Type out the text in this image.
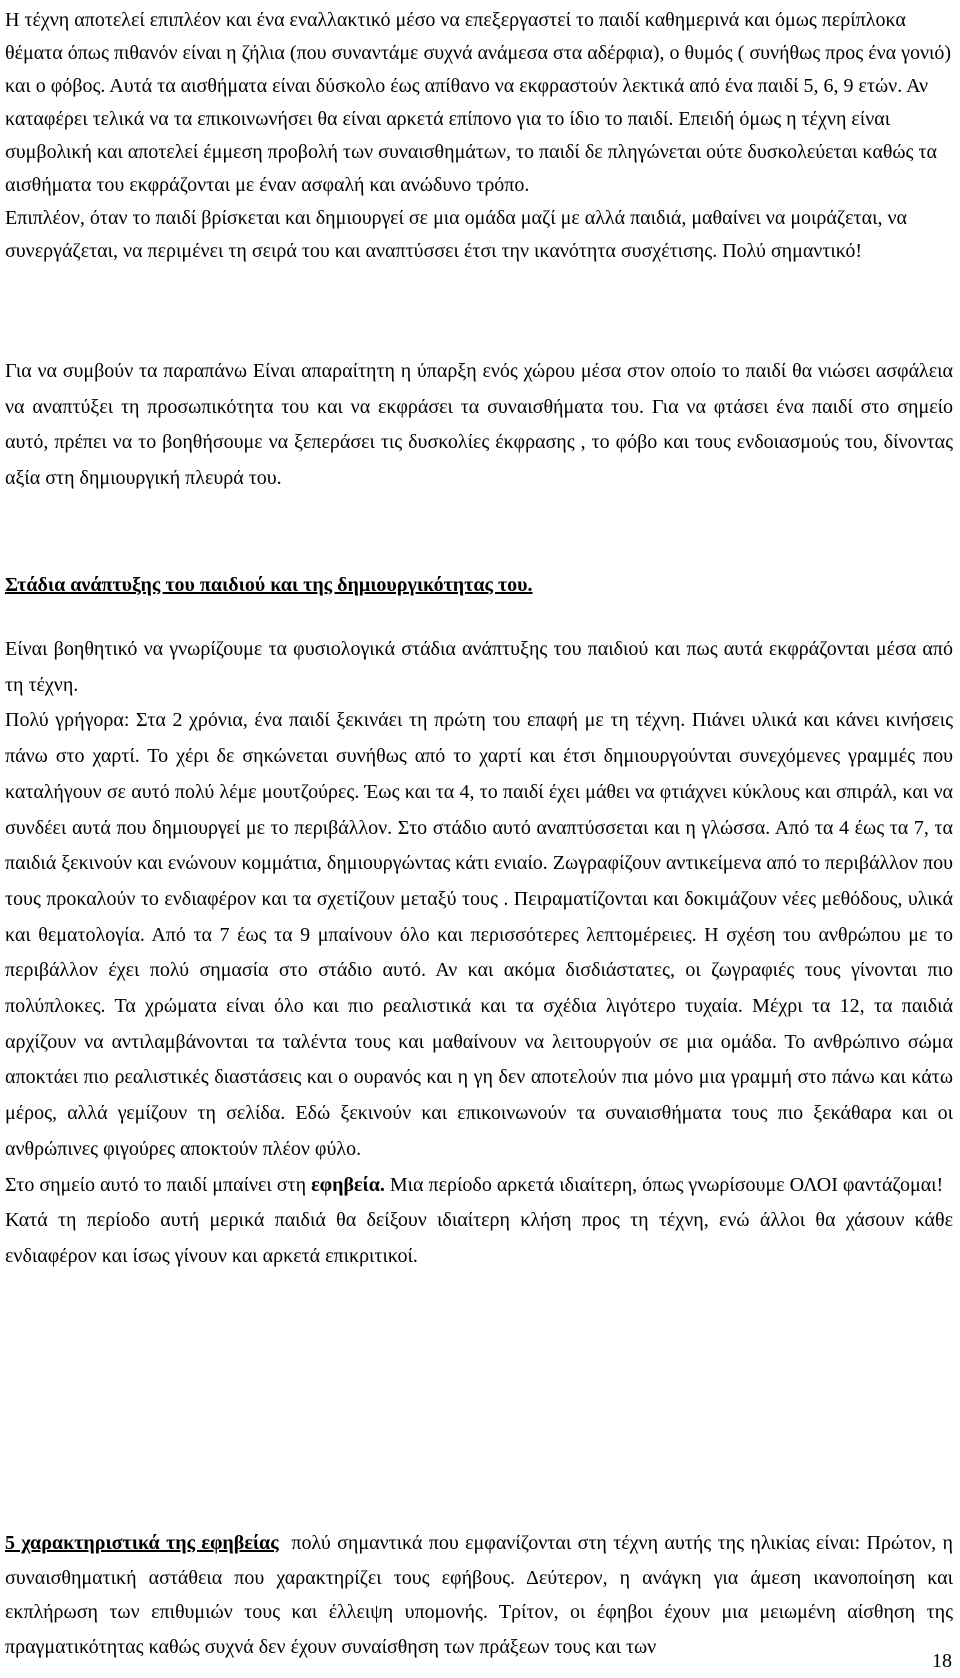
Η τέχνη αποτελεί επιπλέον και ένα εναλλακτικό μέσο να επεξεργαστεί το παιδί καθημερινά και όμως περίπλοκα θέματα όπως πιθανόν είναι η ζήλια (που συναντάμε συχνά ανάμεσα στα αδέρφια), ο θυμός ( συνήθως προς ένα γονιό) και ο φόβος. Αυτά τα αισθήματα είναι δύσκολο έως απίθανο να εκφραστούν λεκτικά από ένα παιδί 5, 6, 9 ετών. Αν καταφέρει τελικά να τα επικοινωνήσει θα είναι αρκετά επίπονο για το ίδιο το παιδί. Επειδή όμως η τέχνη είναι συμβολική και αποτελεί έμμεση προβολή των συναισθημάτων, το παιδί δε πληγώνεται ούτε δυσκολεύεται καθώς τα αισθήματα του εκφράζονται με έναν ασφαλή και ανώδυνο τρόπο.

Επιπλέον, όταν το παιδί βρίσκεται και δημιουργεί σε μια ομάδα μαζί με αλλά παιδιά, μαθαίνει να μοιράζεται, να συνεργάζεται, να περιμένει τη σειρά του και αναπτύσσει έτσι την ικανότητα συσχέτισης. Πολύ σημαντικό!

Για να συμβούν τα παραπάνω Είναι απαραίτητη η ύπαρξη ενός χώρου μέσα στον οποίο το παιδί θα νιώσει ασφάλεια να αναπτύξει τη προσωπικότητα του και να εκφράσει τα συναισθήματα του. Για να φτάσει ένα παιδί στο σημείο αυτό, πρέπει να το βοηθήσουμε να ξεπεράσει τις δυσκολίες έκφρασης , το φόβο και τους ενδοιασμούς του, δίνοντας αξία στη δημιουργική πλευρά του.

Στάδια ανάπτυξης του παιδιού και της δημιουργικότητας του.

Είναι βοηθητικό να γνωρίζουμε τα φυσιολογικά στάδια ανάπτυξης του παιδιού και πως αυτά εκφράζονται μέσα από τη τέχνη.

Πολύ γρήγορα: Στα 2 χρόνια, ένα παιδί ξεκινάει τη πρώτη του επαφή με τη τέχνη. Πιάνει υλικά και κάνει κινήσεις πάνω στο χαρτί. Το χέρι δε σηκώνεται συνήθως από το χαρτί και έτσι δημιουργούνται συνεχόμενες γραμμές που καταλήγουν σε αυτό πολύ λέμε μουτζούρες. Έως και τα 4, το παιδί έχει μάθει να φτιάχνει κύκλους και σπιράλ, και να συνδέει αυτά που δημιουργεί με το περιβάλλον. Στο στάδιο αυτό αναπτύσσεται και η γλώσσα. Από τα 4 έως τα 7, τα παιδιά ξεκινούν και ενώνουν κομμάτια, δημιουργώντας κάτι ενιαίο. Ζωγραφίζουν αντικείμενα από το περιβάλλον που τους προκαλούν το ενδιαφέρον και τα σχετίζουν μεταξύ τους . Πειραματίζονται και δοκιμάζουν νέες μεθόδους, υλικά και θεματολογία. Από τα 7 έως τα 9 μπαίνουν όλο και περισσότερες λεπτομέρειες. Η σχέση του ανθρώπου με το περιβάλλον έχει πολύ σημασία στο στάδιο αυτό. Αν και ακόμα δισδιάστατες, οι ζωγραφιές τους γίνονται πιο πολύπλοκες. Τα χρώματα είναι όλο και πιο ρεαλιστικά και τα σχέδια λιγότερο τυχαία. Μέχρι τα 12, τα παιδιά αρχίζουν να αντιλαμβάνονται τα ταλέντα τους και μαθαίνουν να λειτουργούν σε μια ομάδα. Το ανθρώπινο σώμα αποκτάει πιο ρεαλιστικές διαστάσεις και ο ουρανός και η γη δεν αποτελούν πια μόνο μια γραμμή στο πάνω και κάτω μέρος, αλλά γεμίζουν τη σελίδα. Εδώ ξεκινούν και επικοινωνούν τα συναισθήματα τους πιο ξεκάθαρα και οι ανθρώπινες φιγούρες αποκτούν πλέον φύλο.

Στο σημείο αυτό το παιδί μπαίνει στη εφηβεία. Μια περίοδο αρκετά ιδιαίτερη, όπως γνωρίσουμε ΟΛΟΙ φαντάζομαι!

Κατά τη περίοδο αυτή μερικά παιδιά θα δείξουν ιδιαίτερη κλήση προς τη τέχνη, ενώ άλλοι θα χάσουν κάθε ενδιαφέρον και ίσως γίνουν και αρκετά επικριτικοί.

5 χαρακτηριστικά της εφηβείας  πολύ σημαντικά που εμφανίζονται στη τέχνη αυτής της ηλικίας είναι: Πρώτον, η συναισθηματική αστάθεια που χαρακτηρίζει τους εφήβους. Δεύτερον, η ανάγκη για άμεση ικανοποίηση και εκπλήρωση των επιθυμιών τους και έλλειψη υπομονής. Τρίτον, οι έφηβοι έχουν μια μειωμένη αίσθηση της πραγματικότητας καθώς συχνά δεν έχουν συναίσθηση των πράξεων τους και των

18
